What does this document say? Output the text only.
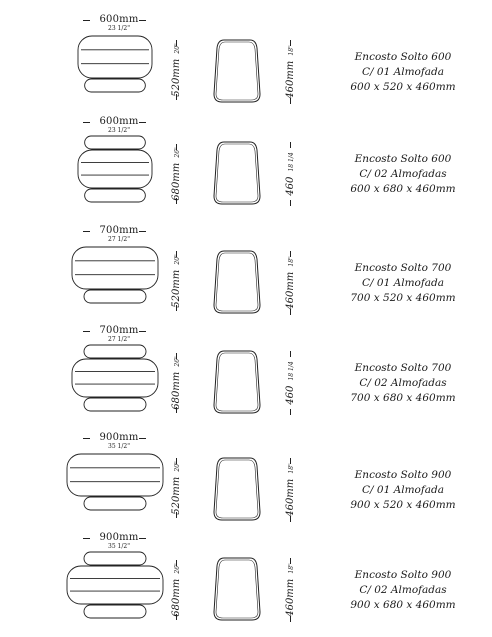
600mm
23 1/2"
520mm 20"
460mm 18"
Encosto Solto 600
C/ 01 Almofada
600 x 520 x 460mm
600mm
23 1/2"
680mm 26"
460 18 1/4	Encosto Solto 600
C/ 02 Almofadas
600 x 680 x 460mm
700mm
27 1/2"
520mm 20"
460mm 18"
Encosto Solto 700
C/ 01 Almofada
700 x 520 x 460mm
700mm
27 1/2"
680mm 26"
460 18 1/4	Encosto Solto 700
C/ 02 Almofadas
700 x 680 x 460mm
900mm
35 1/2"
520mm 20"
460mm 18"
Encosto Solto 900
C/ 01 Almofada
900 x 520 x 460mm
900mm
35 1/2"
680mm 26"
460mm 18"
Encosto Solto 900
C/ 02 Almofadas
900 x 680 x 460mm
